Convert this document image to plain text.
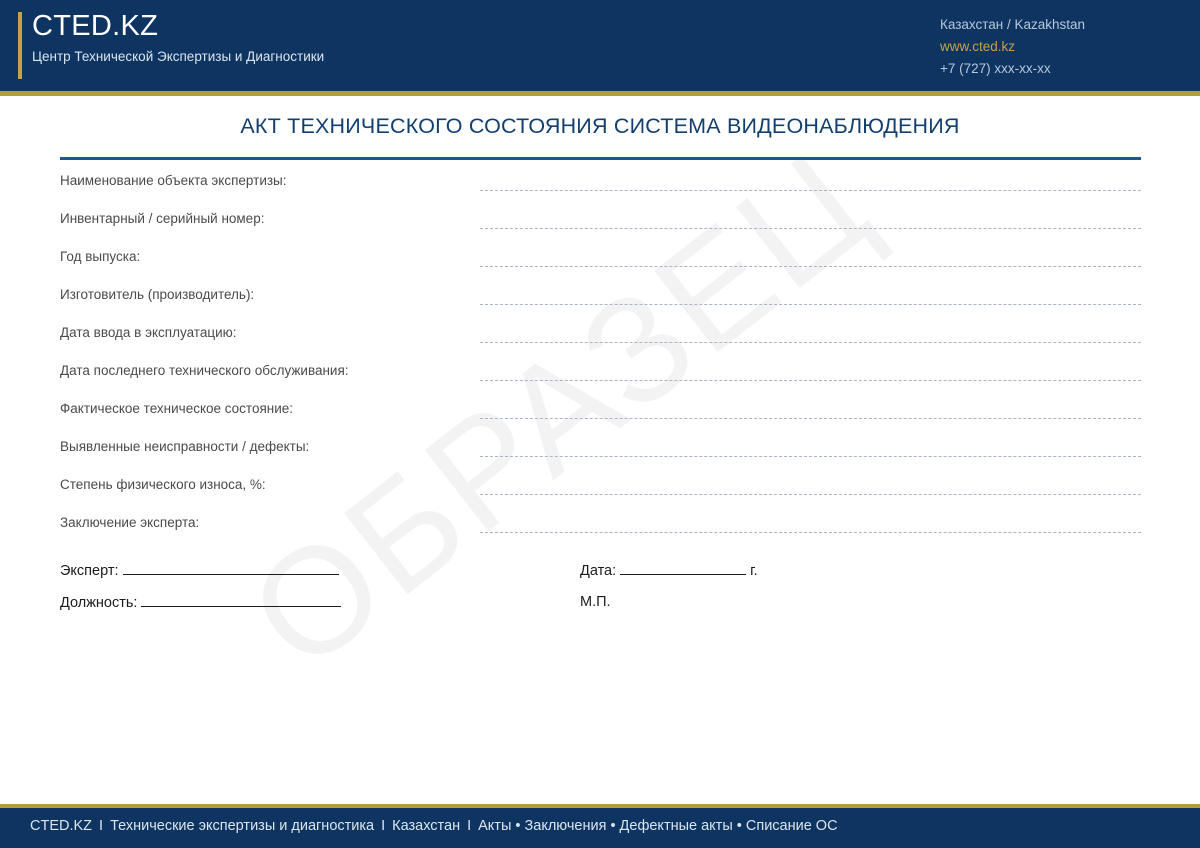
CTED.KZ
Центр Технической Экспертизы и Диагностики
Казахстан / Kazakhstan
www.cted.kz
+7 (727) xxx-xx-xx
АКТ ТЕХНИЧЕСКОГО СОСТОЯНИЯ СИСТЕМА ВИДЕОНАБЛЮДЕНИЯ
Наименование объекта экспертизы:
Инвентарный / серийный номер:
Год выпуска:
Изготовитель (производитель):
Дата ввода в эксплуатацию:
Дата последнего технического обслуживания:
Фактическое техническое состояние:
Выявленные неисправности / дефекты:
Степень физического износа, %:
Заключение эксперта:
Эксперт:
Должность:
Дата:	г.
М.П.
CTED.KZ I Технические экспертизы и диагностика I Казахстан I Акты • Заключения • Дефектные акты • Списание ОС
